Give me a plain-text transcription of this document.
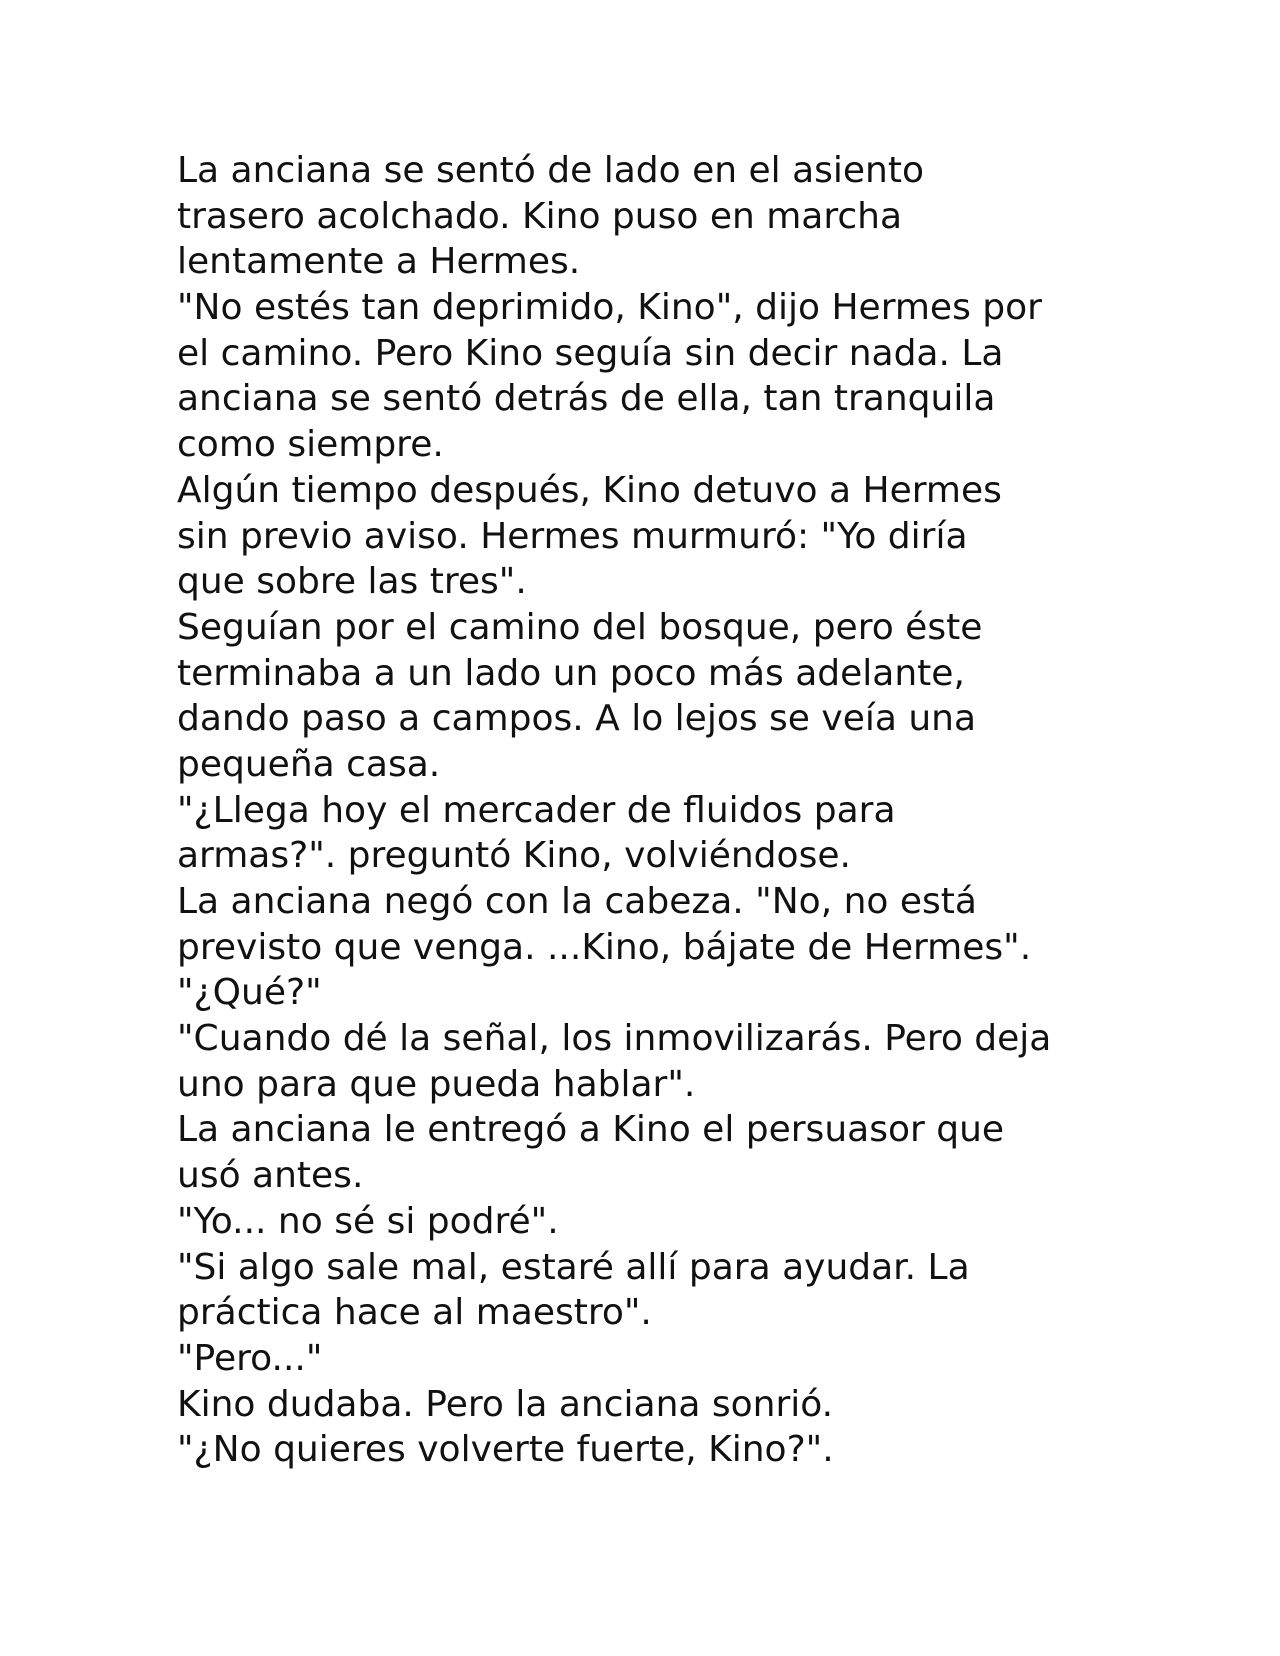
La anciana se sentó de lado en el asiento
trasero acolchado. Kino puso en marcha
lentamente a Hermes.
"No estés tan deprimido, Kino", dijo Hermes por
el camino. Pero Kino seguía sin decir nada. La
anciana se sentó detrás de ella, tan tranquila
como siempre.
Algún tiempo después, Kino detuvo a Hermes
sin previo aviso. Hermes murmuró: "Yo diría
que sobre las tres".
Seguían por el camino del bosque, pero éste
terminaba a un lado un poco más adelante,
dando paso a campos. A lo lejos se veía una
pequeña casa.
"¿Llega hoy el mercader de fluidos para
armas?". preguntó Kino, volviéndose.
La anciana negó con la cabeza. "No, no está
previsto que venga. ...Kino, bájate de Hermes".
"¿Qué?"
"Cuando dé la señal, los inmovilizarás. Pero deja
uno para que pueda hablar".
La anciana le entregó a Kino el persuasor que
usó antes.
"Yo... no sé si podré".
"Si algo sale mal, estaré allí para ayudar. La
práctica hace al maestro".
"Pero..."
Kino dudaba. Pero la anciana sonrió.
"¿No quieres volverte fuerte, Kino?".
